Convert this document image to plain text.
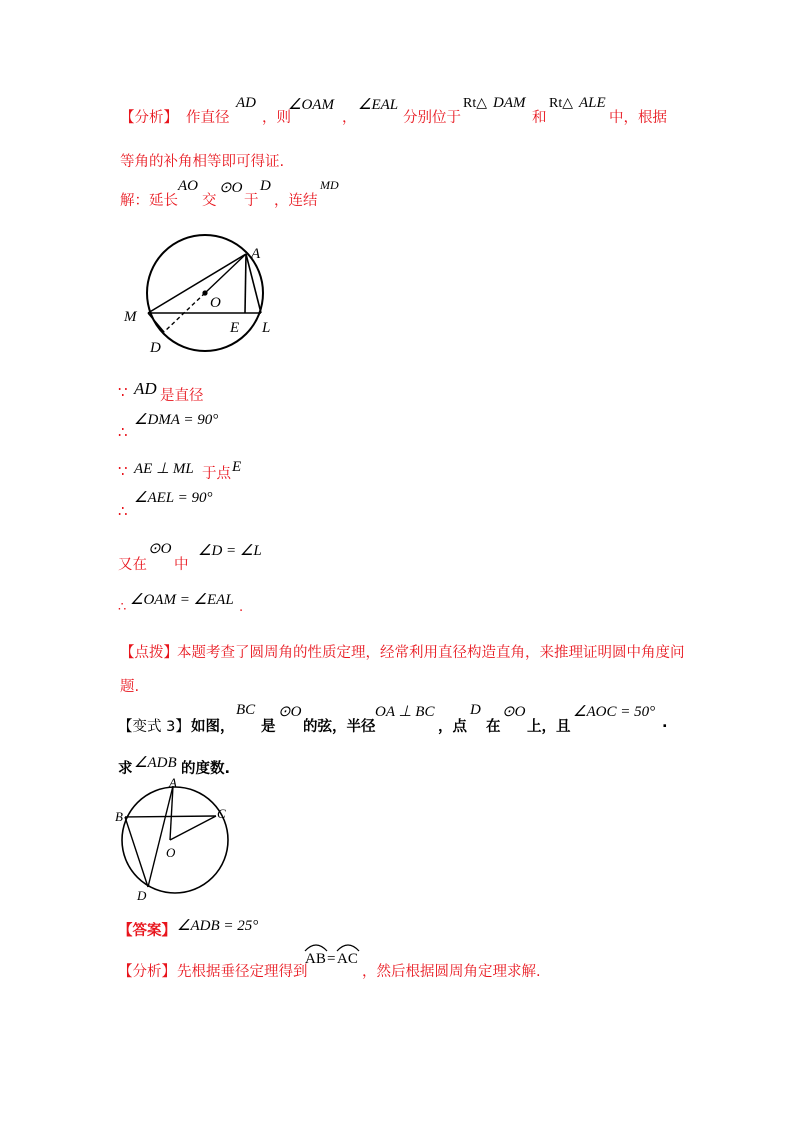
【分析】 作直径
AD
，则
∠OAM
，
∠EAL
分别位于
Rt△ DAM
和
Rt△ ALE
中，根据
等角的补角相等即可得证.
解：延长
AO
交
⊙O
于
D
，连结
MD
A
O
M
E L
D
∵ AD 是直径
∠DMA = 90°
∴
∵ AE ⊥ ML 于点 E
∠AEL = 90°
∴
又在
⊙O
中
∠D = ∠L
∴ ∠OAM = ∠EAL .
【点拨】 本题考查了圆周角的性质定理，经常利用直径构造直角，来推理证明圆中角度问
题.
【变式 3】 如图，
BC
是
⊙O
的弦，半径
OA ⊥ BC
，点
D
在
⊙O
上，且
∠AOC = 50°
.
求 ∠ADB 的度数.
A
B	C
O
D
【答案】 ∠ADB = 25°
【分析】 先根据垂径定理得到
AB = AC
，然后根据圆周角定理求解.
